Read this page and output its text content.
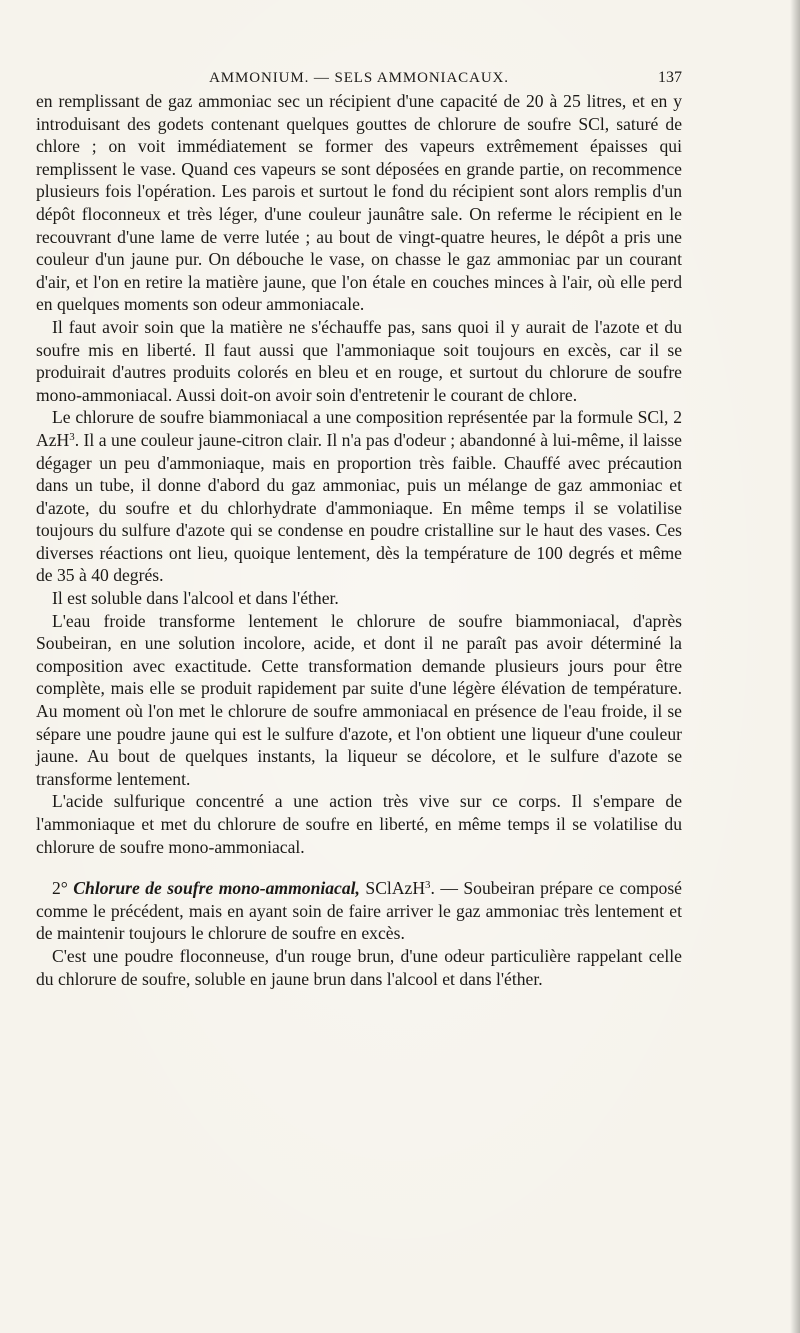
AMMONIUM. — SELS AMMONIACAUX.	137

en remplissant de gaz ammoniac sec un récipient d'une capacité de 20 à 25 litres, et en y introduisant des godets contenant quelques gouttes de chlorure de soufre SCl, saturé de chlore ; on voit immédiatement se former des vapeurs extrêmement épaisses qui remplissent le vase. Quand ces vapeurs se sont déposées en grande partie, on recommence plusieurs fois l'opération. Les parois et surtout le fond du récipient sont alors remplis d'un dépôt floconneux et très léger, d'une couleur jaunâtre sale. On referme le récipient en le recouvrant d'une lame de verre lutée ; au bout de vingt-quatre heures, le dépôt a pris une couleur d'un jaune pur. On débouche le vase, on chasse le gaz ammoniac par un courant d'air, et l'on en retire la matière jaune, que l'on étale en couches minces à l'air, où elle perd en quelques moments son odeur ammoniacale.

Il faut avoir soin que la matière ne s'échauffe pas, sans quoi il y aurait de l'azote et du soufre mis en liberté. Il faut aussi que l'ammoniaque soit toujours en excès, car il se produirait d'autres produits colorés en bleu et en rouge, et surtout du chlorure de soufre mono-ammoniacal. Aussi doit-on avoir soin d'entretenir le courant de chlore.

Le chlorure de soufre biammoniacal a une composition représentée par la formule SCl, 2 AzH$^3$. Il a une couleur jaune-citron clair. Il n'a pas d'odeur ; abandonné à lui-même, il laisse dégager un peu d'ammoniaque, mais en proportion très faible. Chauffé avec précaution dans un tube, il donne d'abord du gaz ammoniac, puis un mélange de gaz ammoniac et d'azote, du soufre et du chlorhydrate d'ammoniaque. En même temps il se volatilise toujours du sulfure d'azote qui se condense en poudre cristalline sur le haut des vases. Ces diverses réactions ont lieu, quoique lentement, dès la température de 100 degrés et même de 35 à 40 degrés.

Il est soluble dans l'alcool et dans l'éther.

L'eau froide transforme lentement le chlorure de soufre biammoniacal, d'après Soubeiran, en une solution incolore, acide, et dont il ne paraît pas avoir déterminé la composition avec exactitude. Cette transformation demande plusieurs jours pour être complète, mais elle se produit rapidement par suite d'une légère élévation de température. Au moment où l'on met le chlorure de soufre ammoniacal en présence de l'eau froide, il se sépare une poudre jaune qui est le sulfure d'azote, et l'on obtient une liqueur d'une couleur jaune. Au bout de quelques instants, la liqueur se décolore, et le sulfure d'azote se transforme lentement.

L'acide sulfurique concentré a une action très vive sur ce corps. Il s'empare de l'ammoniaque et met du chlorure de soufre en liberté, en même temps il se volatilise du chlorure de soufre mono-ammoniacal.

2° Chlorure de soufre mono-ammoniacal, SClAzH$^3$. — Soubeiran prépare ce composé comme le précédent, mais en ayant soin de faire arriver le gaz ammoniac très lentement et de maintenir toujours le chlorure de soufre en excès.

C'est une poudre floconneuse, d'un rouge brun, d'une odeur particulière rappelant celle du chlorure de soufre, soluble en jaune brun dans l'alcool et dans l'éther.
